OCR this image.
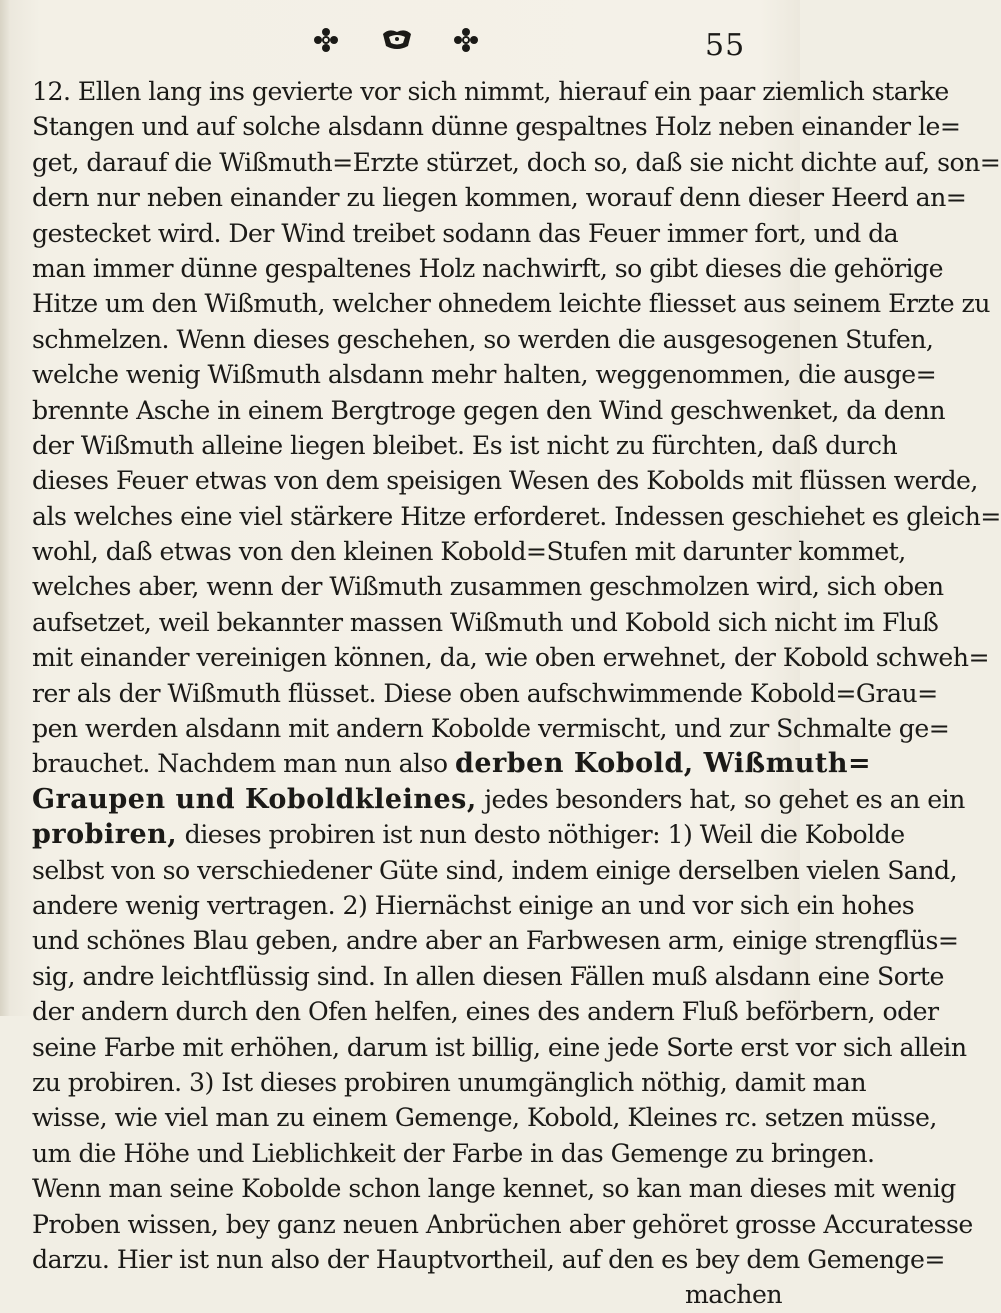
55
12. Ellen lang ins gevierte vor sich nimmt, hierauf ein paar ziemlich starke
Stangen und auf solche alsdann dünne gespaltnes Holz neben einander le=
get, darauf die Wißmuth=Erzte stürzet, doch so, daß sie nicht dichte auf, son=
dern nur neben einander zu liegen kommen, worauf denn dieser Heerd an=
gestecket wird. Der Wind treibet sodann das Feuer immer fort, und da
man immer dünne gespaltenes Holz nachwirft, so gibt dieses die gehörige
Hitze um den Wißmuth, welcher ohnedem leichte fliesset aus seinem Erzte zu
schmelzen. Wenn dieses geschehen, so werden die ausgesogenen Stufen,
welche wenig Wißmuth alsdann mehr halten, weggenommen, die ausge=
brennte Asche in einem Bergtroge gegen den Wind geschwenket, da denn
der Wißmuth alleine liegen bleibet. Es ist nicht zu fürchten, daß durch
dieses Feuer etwas von dem speisigen Wesen des Kobolds mit flüssen werde,
als welches eine viel stärkere Hitze erforderet. Indessen geschiehet es gleich=
wohl, daß etwas von den kleinen Kobold=Stufen mit darunter kommet,
welches aber, wenn der Wißmuth zusammen geschmolzen wird, sich oben
aufsetzet, weil bekannter massen Wißmuth und Kobold sich nicht im Fluß
mit einander vereinigen können, da, wie oben erwehnet, der Kobold schweh=
rer als der Wißmuth flüsset. Diese oben aufschwimmende Kobold=Grau=
pen werden alsdann mit andern Kobolde vermischt, und zur Schmalte ge=
brauchet. Nachdem man nun also derben Kobold, Wißmuth=
Graupen und Koboldkleines, jedes besonders hat, so gehet es an ein
probiren, dieses probiren ist nun desto nöthiger: 1) Weil die Kobolde
selbst von so verschiedener Güte sind, indem einige derselben vielen Sand,
andere wenig vertragen. 2) Hiernächst einige an und vor sich ein hohes
und schönes Blau geben, andre aber an Farbwesen arm, einige strengflüs=
sig, andre leichtflüssig sind. In allen diesen Fällen muß alsdann eine Sorte
der andern durch den Ofen helfen, eines des andern Fluß beförbern, oder
seine Farbe mit erhöhen, darum ist billig, eine jede Sorte erst vor sich allein
zu probiren. 3) Ist dieses probiren unumgänglich nöthig, damit man
wisse, wie viel man zu einem Gemenge, Kobold, Kleines rc. setzen müsse,
um die Höhe und Lieblichkeit der Farbe in das Gemenge zu bringen.
Wenn man seine Kobolde schon lange kennet, so kan man dieses mit wenig
Proben wissen, bey ganz neuen Anbrüchen aber gehöret grosse Accuratesse
darzu. Hier ist nun also der Hauptvortheil, auf den es bey dem Gemenge=
machen
